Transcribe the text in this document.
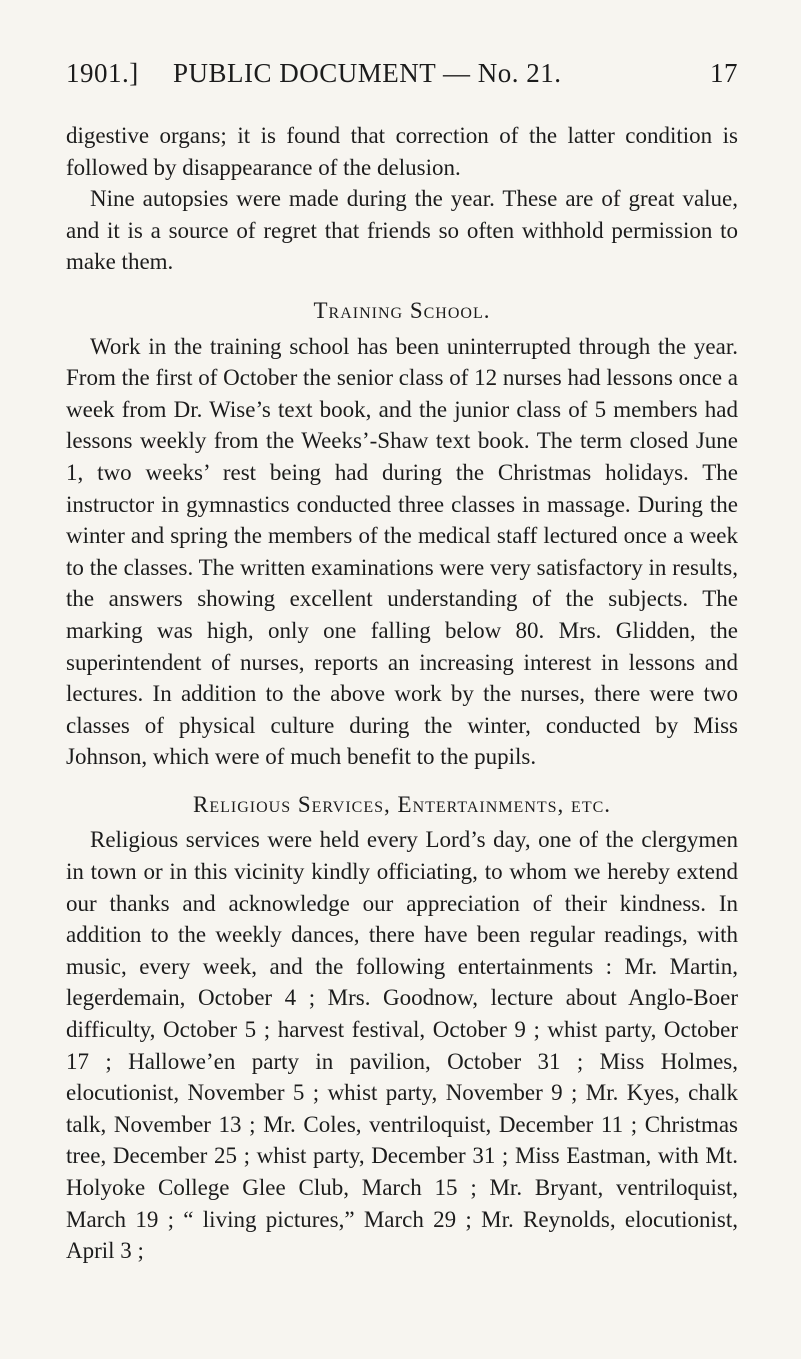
1901.] PUBLIC DOCUMENT — No. 21.	17

digestive organs; it is found that correction of the latter condition is followed by disappearance of the delusion.

Nine autopsies were made during the year. These are of great value, and it is a source of regret that friends so often withhold permission to make them.

Training School.

Work in the training school has been uninterrupted through the year. From the first of October the senior class of 12 nurses had lessons once a week from Dr. Wise’s text book, and the junior class of 5 members had lessons weekly from the Weeks’-Shaw text book. The term closed June 1, two weeks’ rest being had during the Christmas holidays. The instructor in gymnastics conducted three classes in massage. During the winter and spring the members of the medical staff lectured once a week to the classes. The written examinations were very satisfactory in results, the answers showing excellent understanding of the subjects. The marking was high, only one falling below 80. Mrs. Glidden, the superintendent of nurses, reports an increasing interest in lessons and lectures. In addition to the above work by the nurses, there were two classes of physical culture during the winter, conducted by Miss Johnson, which were of much benefit to the pupils.

Religious Services, Entertainments, etc.

Religious services were held every Lord’s day, one of the clergymen in town or in this vicinity kindly officiating, to whom we hereby extend our thanks and acknowledge our appreciation of their kindness. In addition to the weekly dances, there have been regular readings, with music, every week, and the following entertainments : Mr. Martin, legerdemain, October 4 ; Mrs. Goodnow, lecture about Anglo-Boer difficulty, October 5 ; harvest festival, October 9 ; whist party, October 17 ; Hallowe’en party in pavilion, October 31 ; Miss Holmes, elocutionist, November 5 ; whist party, November 9 ; Mr. Kyes, chalk talk, November 13 ; Mr. Coles, ventriloquist, December 11 ; Christmas tree, December 25 ; whist party, December 31 ; Miss Eastman, with Mt. Holyoke College Glee Club, March 15 ; Mr. Bryant, ventriloquist, March 19 ; “ living pictures,” March 29 ; Mr. Reynolds, elocutionist, April 3 ;
